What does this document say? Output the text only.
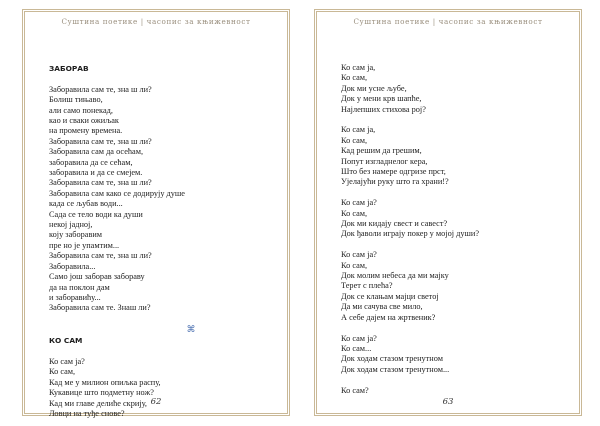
Суштина поетике | часопис за књижевност
ЗАБОРАВ
Заборавила сам те, зна ш ли?
Болиш тињаво,
али само понекад,
као и сваки ожиљак
на промену времена.
Заборавила сам те, зна ш ли?
Заборавила сам да осећам,
заборавила да се сећам,
заборавила и да се смејем.
Заборавила сам те, зна ш ли?
Заборавила сам како се додирују душе
када се љубав води...
Сада се тело води ка души
некој јадној,
коју заборавим
пре но је упамтим...
Заборавила сам те, зна ш ли?
Заборавила...
Само још заборав забораву
да на поклон дам
и заборавићу...
Заборавила сам те. Знаш ли?
⌘
КО САМ
Ко сам ја?
Ко сам,
Кад ме у милион опиљка распу,
Кукавице што подметну нож?
Кад ми главе делиће скрију,
Ловци на туђе снове?
62
Суштина поетике | часопис за књижевност
Ко сам ја,
Ко сам,
Док ми усне љубе,
Док у мени крв шапће,
Најлепших стихова рој?
Ко сам ја,
Ко сам,
Кад решим да грешим,
Попут изгладнелог кера,
Што без намере одгризе прст,
Ујелајући руку што га храни!?
Ко сам ја?
Ко сам,
Док ми кидају свест и савест?
Док ђаволи играју покер у мојој души?
Ко сам ја?
Ко сам,
Док молим небеса да ми мајку
Терет с плећа?
Док се клањам мајци светој
Да ми сачува све мило,
А себе дајем на жртвеник?
Ко сам ја?
Ко сам...
Док ходам стазом тренутном
Док ходам стазом тренутном...
Ко сам?
63
